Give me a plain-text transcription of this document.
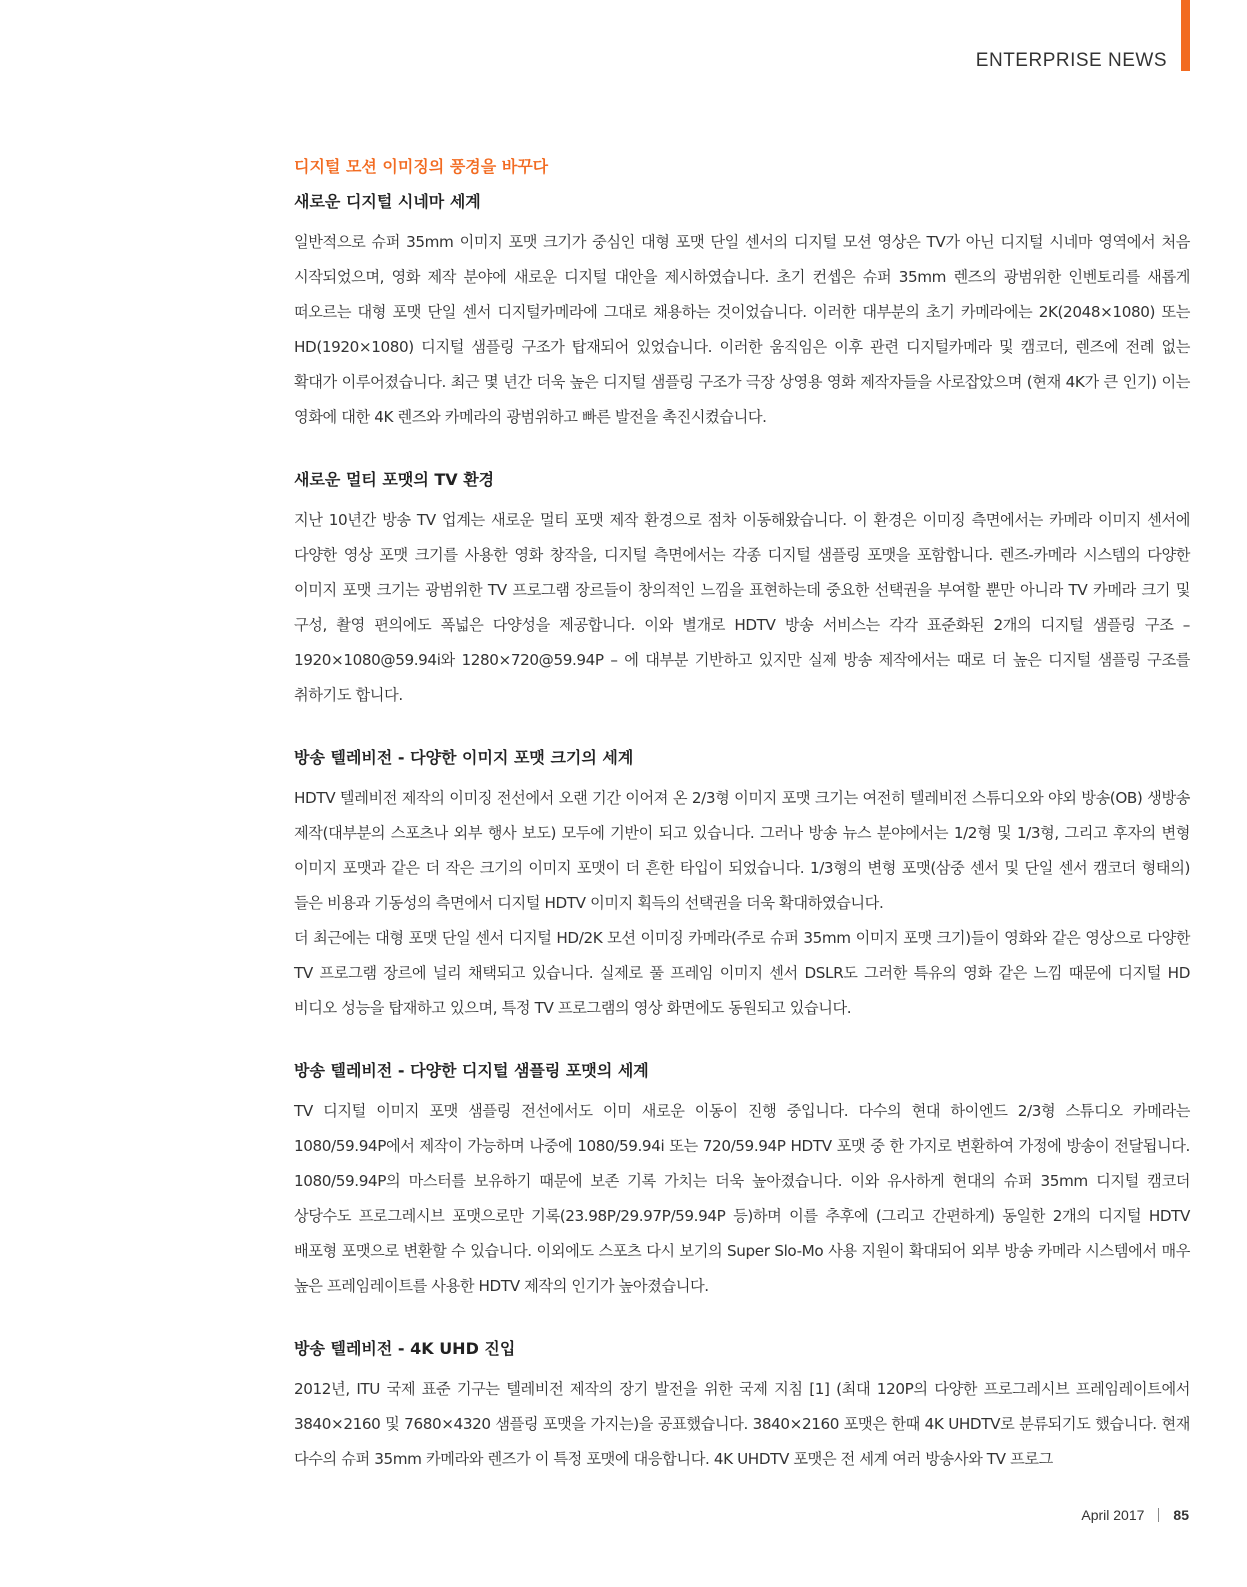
ENTERPRISE NEWS
디지털 모션 이미징의 풍경을 바꾸다
새로운 디지털 시네마 세계

일반적으로 슈퍼 35mm 이미지 포맷 크기가 중심인 대형 포맷 단일 센서의 디지털 모션 영상은 TV가 아닌 디지털 시네마 영역에서 처음 시작되었으며, 영화 제작 분야에 새로운 디지털 대안을 제시하였습니다. 초기 컨셉은 슈퍼 35mm 렌즈의 광범위한 인벤토리를 새롭게 떠오르는 대형 포맷 단일 센서 디지털카메라에 그대로 채용하는 것이었습니다. 이러한 대부분의 초기 카메라에는 2K(2048×1080) 또는 HD(1920×1080) 디지털 샘플링 구조가 탑재되어 있었습니다. 이러한 움직임은 이후 관련 디지털카메라 및 캠코더, 렌즈에 전례 없는 확대가 이루어졌습니다. 최근 몇 년간 더욱 높은 디지털 샘플링 구조가 극장 상영용 영화 제작자들을 사로잡았으며 (현재 4K가 큰 인기) 이는 영화에 대한 4K 렌즈와 카메라의 광범위하고 빠른 발전을 촉진시켰습니다.

새로운 멀티 포맷의 TV 환경

지난 10년간 방송 TV 업계는 새로운 멀티 포맷 제작 환경으로 점차 이동해왔습니다. 이 환경은 이미징 측면에서는 카메라 이미지 센서에 다양한 영상 포맷 크기를 사용한 영화 창작을, 디지털 측면에서는 각종 디지털 샘플링 포맷을 포함합니다. 렌즈-카메라 시스템의 다양한 이미지 포맷 크기는 광범위한 TV 프로그램 장르들이 창의적인 느낌을 표현하는데 중요한 선택권을 부여할 뿐만 아니라 TV 카메라 크기 및 구성, 촬영 편의에도 폭넓은 다양성을 제공합니다. 이와 별개로 HDTV 방송 서비스는 각각 표준화된 2개의 디지털 샘플링 구조 – 1920×1080@59.94i와 1280×720@59.94P – 에 대부분 기반하고 있지만 실제 방송 제작에서는 때로 더 높은 디지털 샘플링 구조를 취하기도 합니다.

방송 텔레비전 - 다양한 이미지 포맷 크기의 세계

HDTV 텔레비전 제작의 이미징 전선에서 오랜 기간 이어져 온 2/3형 이미지 포맷 크기는 여전히 텔레비전 스튜디오와 야외 방송(OB) 생방송 제작(대부분의 스포츠나 외부 행사 보도) 모두에 기반이 되고 있습니다. 그러나 방송 뉴스 분야에서는 1/2형 및 1/3형, 그리고 후자의 변형 이미지 포맷과 같은 더 작은 크기의 이미지 포맷이 더 흔한 타입이 되었습니다. 1/3형의 변형 포맷(삼중 센서 및 단일 센서 캠코더 형태의)들은 비용과 기동성의 측면에서 디지털 HDTV 이미지 획득의 선택권을 더욱 확대하였습니다.

더 최근에는 대형 포맷 단일 센서 디지털 HD/2K 모션 이미징 카메라(주로 슈퍼 35mm 이미지 포맷 크기)들이 영화와 같은 영상으로 다양한 TV 프로그램 장르에 널리 채택되고 있습니다. 실제로 풀 프레임 이미지 센서 DSLR도 그러한 특유의 영화 같은 느낌 때문에 디지털 HD 비디오 성능을 탑재하고 있으며, 특정 TV 프로그램의 영상 화면에도 동원되고 있습니다.

방송 텔레비전 - 다양한 디지털 샘플링 포맷의 세계

TV 디지털 이미지 포맷 샘플링 전선에서도 이미 새로운 이동이 진행 중입니다. 다수의 현대 하이엔드 2/3형 스튜디오 카메라는 1080/59.94P에서 제작이 가능하며 나중에 1080/59.94i 또는 720/59.94P HDTV 포맷 중 한 가지로 변환하여 가정에 방송이 전달됩니다. 1080/59.94P의 마스터를 보유하기 때문에 보존 기록 가치는 더욱 높아졌습니다. 이와 유사하게 현대의 슈퍼 35mm 디지털 캠코더 상당수도 프로그레시브 포맷으로만 기록(23.98P/29.97P/59.94P 등)하며 이를 추후에 (그리고 간편하게) 동일한 2개의 디지털 HDTV 배포형 포맷으로 변환할 수 있습니다. 이외에도 스포츠 다시 보기의 Super Slo-Mo 사용 지원이 확대되어 외부 방송 카메라 시스템에서 매우 높은 프레임레이트를 사용한 HDTV 제작의 인기가 높아졌습니다.

방송 텔레비전 - 4K UHD 진입

2012년, ITU 국제 표준 기구는 텔레비전 제작의 장기 발전을 위한 국제 지침 [1] (최대 120P의 다양한 프로그레시브 프레임레이트에서 3840×2160 및 7680×4320 샘플링 포맷을 가지는)을 공표했습니다. 3840×2160 포맷은 한때 4K UHDTV로 분류되기도 했습니다. 현재 다수의 슈퍼 35mm 카메라와 렌즈가 이 특정 포맷에 대응합니다. 4K UHDTV 포맷은 전 세계 여러 방송사와 TV 프로그

April 2017 85
